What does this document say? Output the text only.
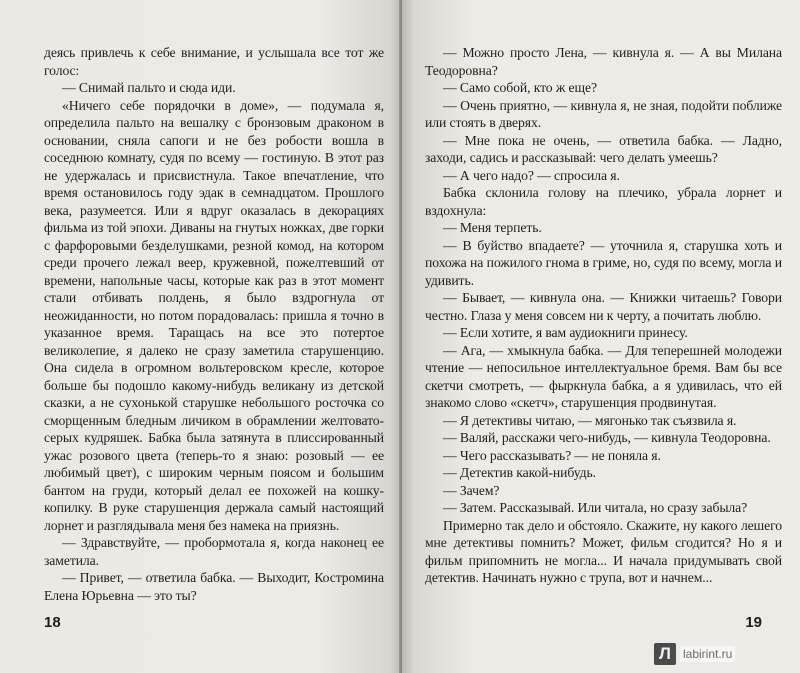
деясь привлечь к себе внимание, и услышала все тот же голос:

— Снимай пальто и сюда иди.

«Ничего себе порядочки в доме», — подумала я, определила пальто на вешалку с бронзовым драконом в основании, сняла сапоги и не без робости вошла в соседнюю комнату, судя по всему — гостиную. В этот раз не удержалась и присвистнула. Такое впечатление, что время остановилось году эдак в семнадцатом. Прошлого века, разумеется. Или я вдруг оказалась в декорациях фильма из той эпохи. Диваны на гнутых ножках, две горки с фарфоровыми безделушками, резной комод, на котором среди прочего лежал веер, кружевной, пожелтевший от времени, напольные часы, которые как раз в этот момент стали отбивать полдень, я было вздрогнула от неожиданности, но потом порадовалась: пришла я точно в указанное время. Таращась на все это потертое великолепие, я далеко не сразу заметила старушенцию. Она сидела в огромном вольтеровском кресле, которое больше бы подошло какому-нибудь великану из детской сказки, а не сухонькой старушке небольшого росточка со сморщенным бледным личиком в обрамлении желтовато-серых кудряшек. Бабка была затянута в плиссированный ужас розового цвета (теперь-то я знаю: розовый — ее любимый цвет), с широким черным поясом и большим бантом на груди, который делал ее похожей на кошку-копилку. В руке старушенция держала самый настоящий лорнет и разглядывала меня без намека на приязнь.

— Здравствуйте, — пробормотала я, когда наконец ее заметила.

— Привет, — ответила бабка. — Выходит, Костромина Елена Юрьевна — это ты?

18

— Можно просто Лена, — кивнула я. — А вы Милана Теодоровна?

— Само собой, кто ж еще?

— Очень приятно, — кивнула я, не зная, подойти поближе или стоять в дверях.

— Мне пока не очень, — ответила бабка. — Ладно, заходи, садись и рассказывай: чего делать умеешь?

— А чего надо? — спросила я.

Бабка склонила голову на плечико, убрала лорнет и вздохнула:

— Меня терпеть.

— В буйство впадаете? — уточнила я, старушка хоть и похожа на пожилого гнома в гриме, но, судя по всему, могла и удивить.

— Бывает, — кивнула она. — Книжки читаешь? Говори честно. Глаза у меня совсем ни к черту, а почитать люблю.

— Если хотите, я вам аудиокниги принесу.

— Ага, — хмыкнула бабка. — Для теперешней молодежи чтение — непосильное интеллектуальное бремя. Вам бы все скетчи смотреть, — фыркнула бабка, а я удивилась, что ей знакомо слово «скетч», старушенция продвинутая.

— Я детективы читаю, — мягонько так съязвила я.

— Валяй, расскажи чего-нибудь, — кивнула Теодоровна.

— Чего рассказывать? — не поняла я.

— Детектив какой-нибудь.

— Зачем?

— Затем. Рассказывай. Или читала, но сразу забыла?

Примерно так дело и обстояло. Скажите, ну какого лешего мне детективы помнить? Может, фильм сгодится? Но я и фильм припомнить не могла... И начала придумывать свой детектив. Начинать нужно с трупа, вот и начнем...

19
Л	labirint.ru
